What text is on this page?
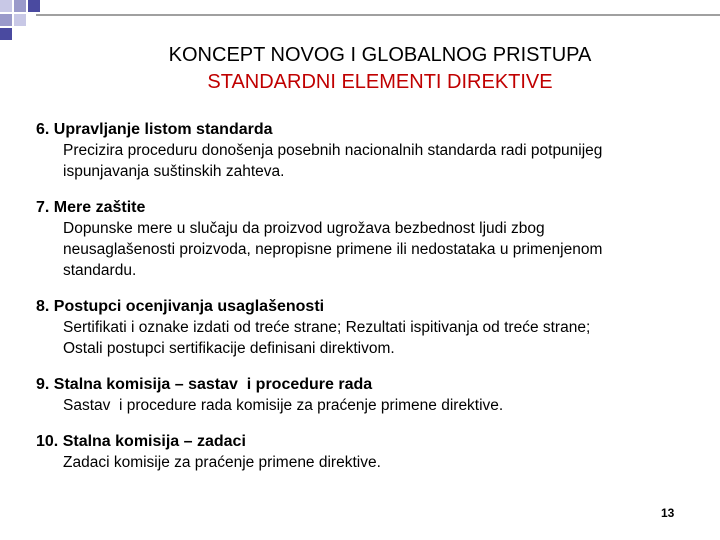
KONCEPT NOVOG I GLOBALNOG PRISTUPA
STANDARDNI ELEMENTI DIREKTIVE
6. Upravljanje listom standarda
Precizira proceduru donošenja posebnih nacionalnih standarda radi potpunijeg
ispunjavanja suštinskih zahteva.
7. Mere zaštite
Dopunske mere u slučaju da proizvod ugrožava bezbednost ljudi zbog
neusaglašenosti proizvoda, nepropisne primene ili nedostataka u primenjenom
standardu.
8. Postupci ocenjivanja usaglašenosti
Sertifikati i oznake izdati od treće strane; Rezultati ispitivanja od treće strane;
Ostali postupci sertifikacije definisani direktivom.
9. Stalna komisija – sastav  i procedure rada
Sastav  i procedure rada komisije za praćenje primene direktive.
10. Stalna komisija – zadaci
Zadaci komisije za praćenje primene direktive.
13
